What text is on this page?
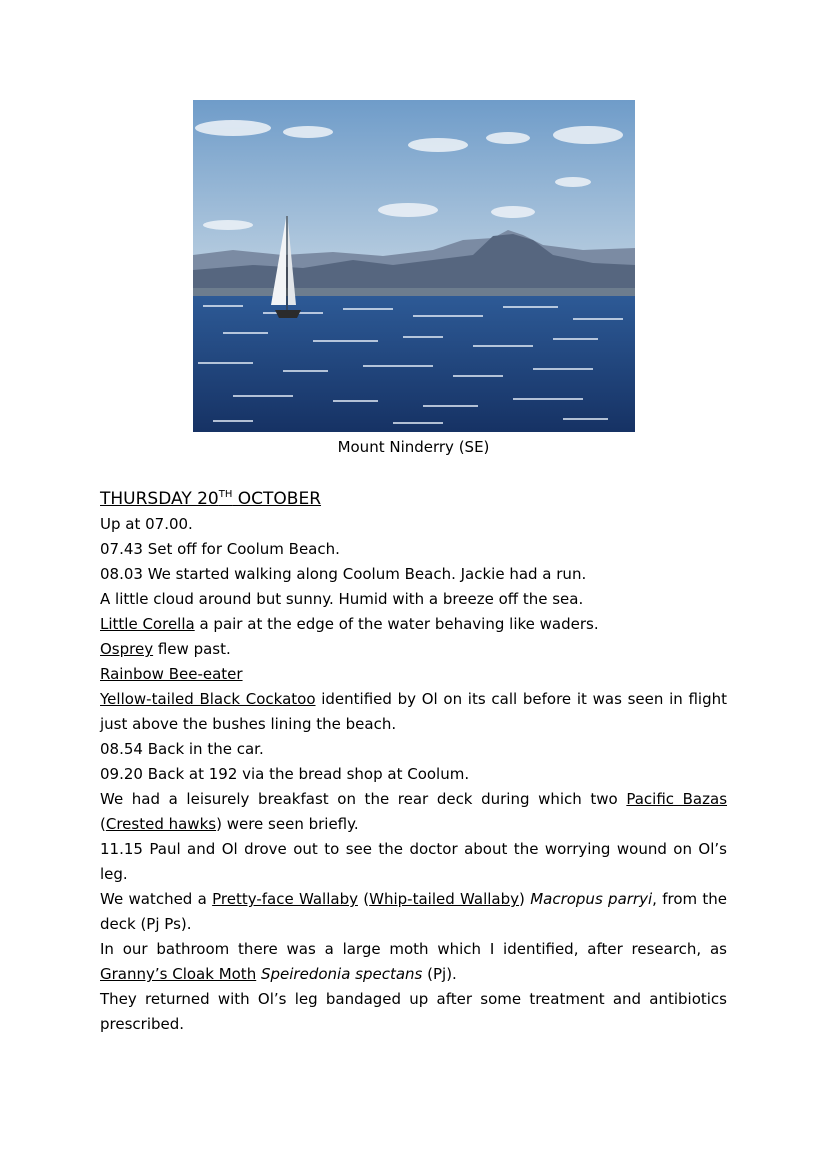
Mount Ninderry (SE)
THURSDAY 20TH OCTOBER

Up at 07.00.

07.43 Set off for Coolum Beach.

08.03 We started walking along Coolum Beach. Jackie had a run.

A little cloud around but sunny. Humid with a breeze off the sea.

Little Corella a pair at the edge of the water behaving like waders.

Osprey flew past.

Rainbow Bee-eater

Yellow-tailed Black Cockatoo identified by Ol on its call before it was seen in flight just above the bushes lining the beach.

08.54 Back in the car.

09.20 Back at 192 via the bread shop at Coolum.

We had a leisurely breakfast on the rear deck during which two Pacific Bazas (Crested hawks) were seen briefly.

11.15 Paul and Ol drove out to see the doctor about the worrying wound on Ol’s leg.

We watched a Pretty-face Wallaby (Whip-tailed Wallaby) Macropus parryi, from the deck (Pj Ps).

In our bathroom there was a large moth which I identified, after research, as Granny’s Cloak Moth Speiredonia spectans (Pj).

They returned with Ol’s leg bandaged up after some treatment and antibiotics prescribed.
